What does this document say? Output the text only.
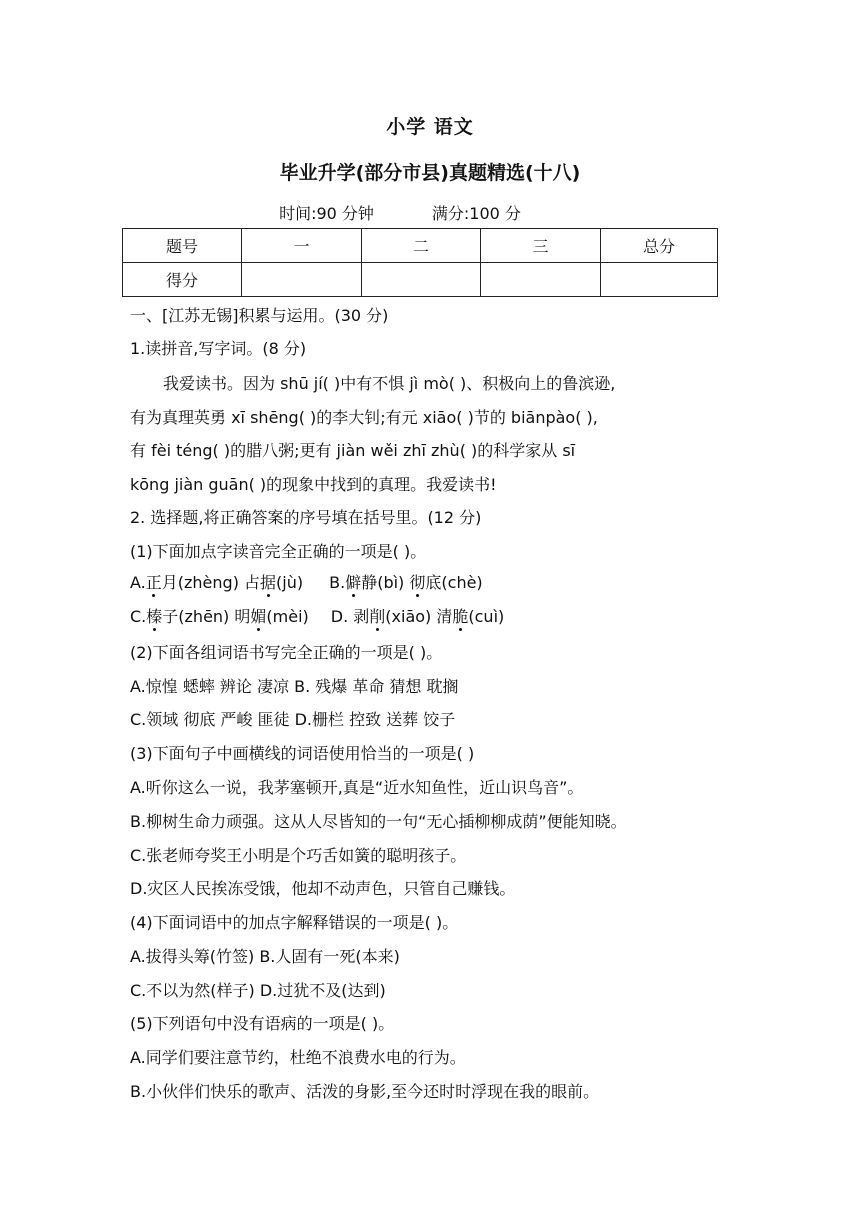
小学 语文
毕业升学(部分市县)真题精选(十八)
时间:90 分钟	满分:100 分
题号	一	二	三	总分
得分				
一、[江苏无锡]积累与运用。(30 分)
1.读拼音,写字词。(8 分)
我爱读书。因为 shū jí( )中有不惧 jì mò( )、积极向上的鲁滨逊,
有为真理英勇 xī shēng( )的李大钊;有元 xiāo( )节的 biānpào( ),
有 fèi téng( )的腊八粥;更有 jiàn wěi zhī zhù( )的科学家从 sī
kōng jiàn guān( )的现象中找到的真理。我爱读书!
2. 选择题,将正确答案的序号填在括号里。(12 分)
(1)下面加点字读音完全正确的一项是( )。
A.正月(zhèng) 占据(jù) B.僻静(bì) 彻底(chè)
C.榛子(zhēn) 明媚(mèi) D. 剥削(xiāo) 清脆(cuì)
(2)下面各组词语书写完全正确的一项是( )。
A.惊惶 蟋蟀 辨论 凄凉 B. 残爆 革命 猜想 耽搁
C.领域 彻底 严峻 匪徒 D.栅栏 控致 送葬 饺子
(3)下面句子中画横线的词语使用恰当的一项是( )
A.听你这么一说，我茅塞顿开,真是“近水知鱼性，近山识鸟音”。
B.柳树生命力顽强。这从人尽皆知的一句“无心插柳柳成荫”便能知晓。
C.张老师夸奖王小明是个巧舌如簧的聪明孩子。
D.灾区人民挨冻受饿，他却不动声色，只管自己赚钱。
(4)下面词语中的加点字解释错误的一项是( )。
A.拔得头筹(竹签) B.人固有一死(本来)
C.不以为然(样子) D.过犹不及(达到)
(5)下列语句中没有语病的一项是( )。
A.同学们要注意节约，杜绝不浪费水电的行为。
B.小伙伴们快乐的歌声、活泼的身影,至今还时时浮现在我的眼前。
